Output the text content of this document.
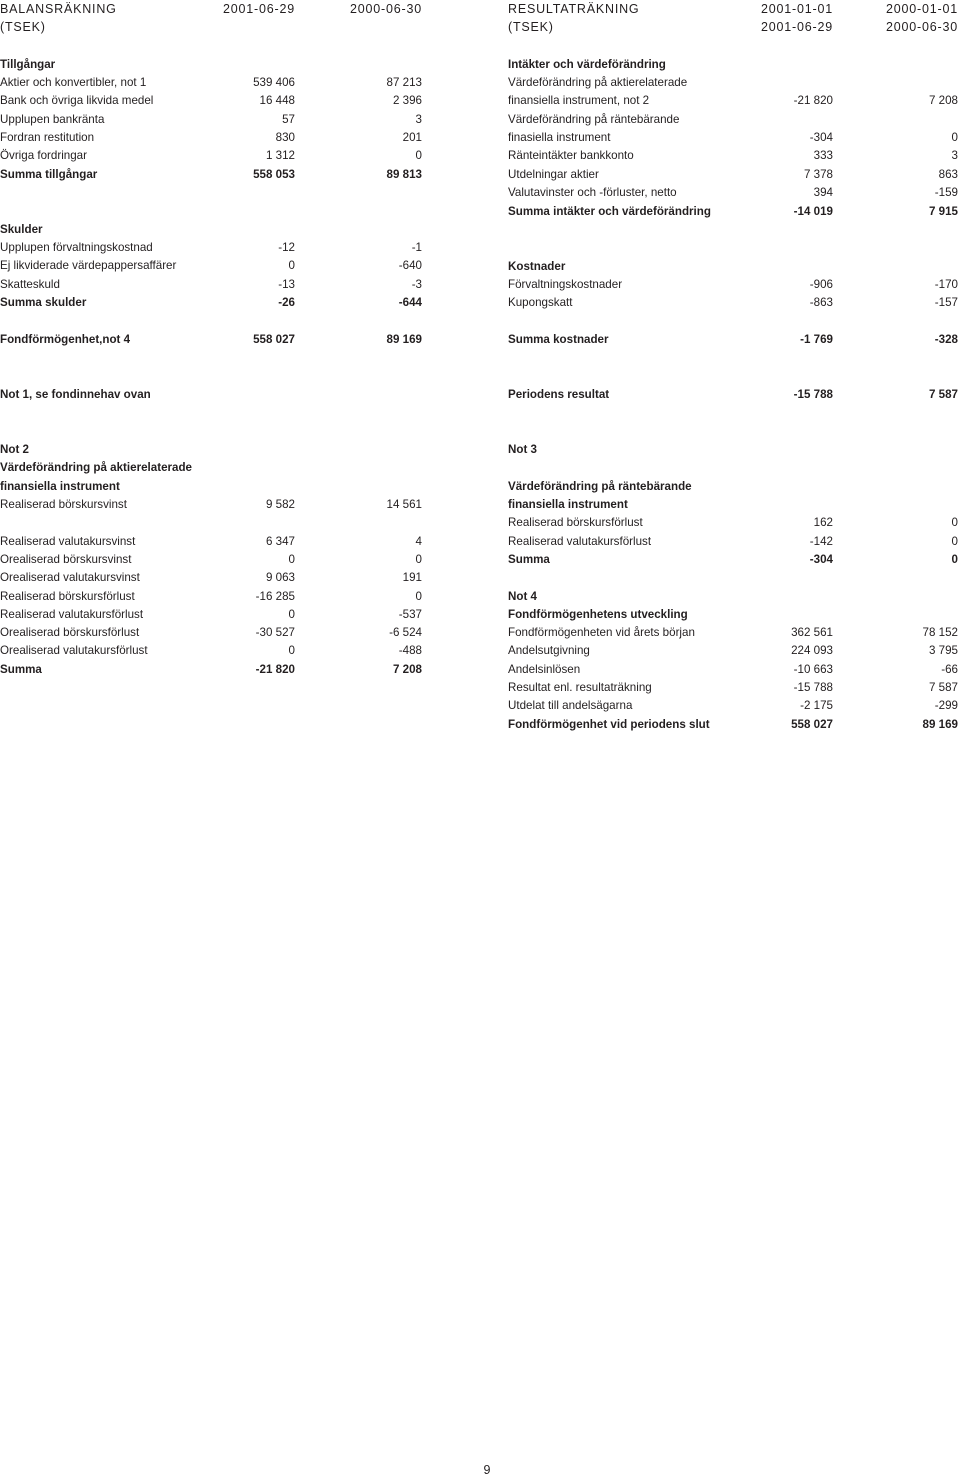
BALANSRÄKNING	2001-06-29	2000-06-30
(TSEK)
Tillgångar
Aktier och konvertibler, not 1	539 406	87 213
Bank och övriga likvida medel	16 448	2 396
Upplupen bankränta	57	3
Fordran restitution	830	201
Övriga fordringar	1 312	0
Summa tillgångar	558 053	89 813
Skulder
Upplupen förvaltningskostnad	-12	-1
Ej likviderade värdepappersaffärer	0	-640
Skatteskuld	-13	-3
Summa skulder	-26	-644
Fondförmögenhet,not 4	558 027	89 169
Not 1, se fondinnehav ovan
Not 2
Värdeförändring på aktierelaterade
finansiella instrument
Realiserad börskursvinst	9 582	14 561
Realiserad valutakursvinst	6 347	4
Orealiserad börskursvinst	0	0
Orealiserad valutakursvinst	9 063	191
Realiserad börskursförlust	-16 285	0
Realiserad valutakursförlust	0	-537
Orealiserad börskursförlust	-30 527	-6 524
Orealiserad valutakursförlust	0	-488
Summa	-21 820	7 208
RESULTATRÄKNING	2001-01-01	2000-01-01
(TSEK)	2001-06-29	2000-06-30
Intäkter och värdeförändring
Värdeförändring på aktierelaterade
finansiella instrument, not 2	-21 820	7 208
Värdeförändring på räntebärande
finasiella instrument	-304	0
Ränteintäkter bankkonto	333	3
Utdelningar aktier	7 378	863
Valutavinster och -förluster, netto	394	-159
Summa intäkter och värdeförändring	-14 019	7 915
Kostnader
Förvaltningskostnader	-906	-170
Kupongskatt	-863	-157
Summa kostnader	-1 769	-328
Periodens resultat	-15 788	7 587
Not 3
Värdeförändring på räntebärande
finansiella instrument
Realiserad börskursförlust	162	0
Realiserad valutakursförlust	-142	0
Summa	-304	0
Not 4
Fondförmögenhetens utveckling
Fondförmögenheten vid årets början	362 561	78 152
Andelsutgivning	224 093	3 795
Andelsinlösen	-10 663	-66
Resultat enl. resultaträkning	-15 788	7 587
Utdelat till andelsägarna	-2 175	-299
Fondförmögenhet vid periodens slut	558 027	89 169
9
